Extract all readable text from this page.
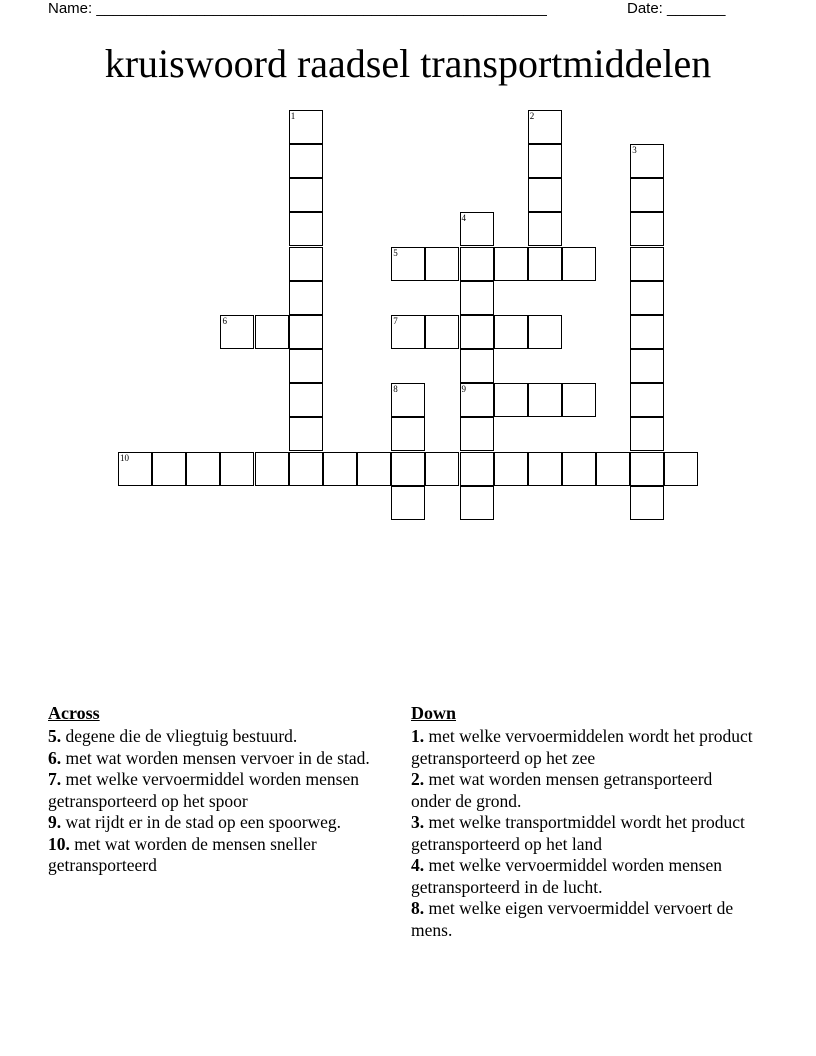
Name: ______________________________________________________	Date: _______
kruiswoord raadsel transportmiddelen
1	2
3
4
9
5
6	7
8
10
Across

5. degene die de vliegtuig bestuurd.

6. met wat worden mensen vervoer in de stad.

7. met welke vervoermiddel worden mensen getransporteerd op het spoor

9. wat rijdt er in de stad op een spoorweg.

10. met wat worden de mensen sneller getransporteerd

Down

1. met welke vervoermiddelen wordt het product getransporteerd op het zee

2. met wat worden mensen getransporteerd onder de grond.

3. met welke transportmiddel wordt het product getransporteerd op het land

4. met welke vervoermiddel worden mensen getransporteerd in de lucht.

8. met welke eigen vervoermiddel vervoert de mens.
